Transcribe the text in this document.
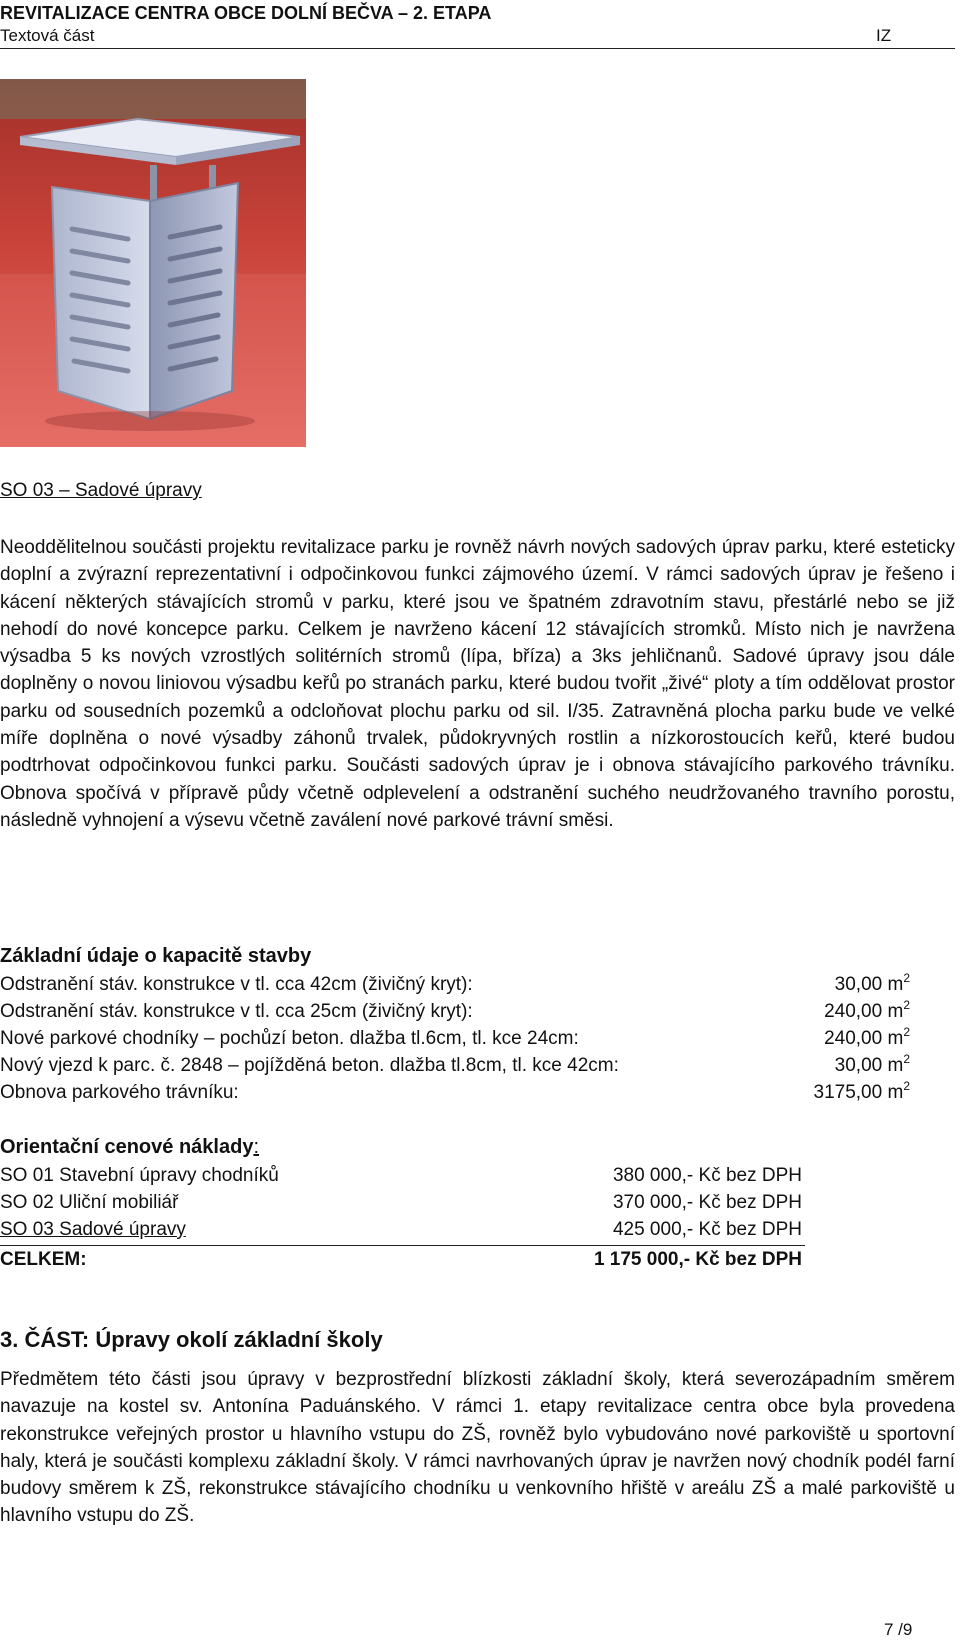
REVITALIZACE CENTRA OBCE DOLNÍ BEČVA – 2. ETAPA
Textová část	IZ
SO 03 – Sadové úpravy

Neoddělitelnou součásti projektu revitalizace parku je rovněž návrh nových sadových úprav parku, které esteticky doplní a zvýrazní reprezentativní i odpočinkovou funkci zájmového území. V rámci sadových úprav je řešeno i kácení některých stávajících stromů v parku, které jsou ve špatném zdravotním stavu, přestárlé nebo se již nehodí do nové koncepce parku. Celkem je navrženo kácení 12 stávajících stromků. Místo nich je navržena výsadba 5 ks nových vzrostlých solitérních stromů (lípa, bříza) a 3ks jehličnanů. Sadové úpravy jsou dále doplněny o novou liniovou výsadbu keřů po stranách parku, které budou tvořit „živé“ ploty a tím oddělovat prostor parku od sousedních pozemků a odcloňovat plochu parku od sil. I/35. Zatravněná plocha parku bude ve velké míře doplněna o nové výsadby záhonů trvalek, půdokryvných rostlin a nízkorostoucích keřů, které budou podtrhovat odpočinkovou funkci parku. Součásti sadových úprav je i obnova stávajícího parkového trávníku. Obnova spočívá v přípravě půdy včetně odplevelení a odstranění suchého neudržovaného travního porostu, následně vyhnojení a výsevu včetně zaválení nové parkové trávní směsi.

Základní údaje o kapacitě stavby
Odstranění stáv. konstrukce v tl. cca 42cm (živičný kryt):	30,00 $m^2$
Odstranění stáv. konstrukce v tl. cca 25cm (živičný kryt):	240,00 $m^2$
Nové parkové chodníky – pochůzí beton. dlažba tl.6cm, tl. kce 24cm:	240,00 $m^2$
Nový vjezd k parc. č. 2848 – pojížděná beton. dlažba tl.8cm, tl. kce 42cm:	30,00 $m^2$
Obnova parkového trávníku:	3175,00 $m^2$
Orientační cenové náklady:
SO 01 Stavební úpravy chodníků	380 000,- Kč bez DPH
SO 02 Uliční mobiliář	370 000,- Kč bez DPH
SO 03 Sadové úpravy	425 000,- Kč bez DPH
CELKEM:	1 175 000,- Kč bez DPH
3. ČÁST: Úpravy okolí základní školy

Předmětem této části jsou úpravy v bezprostřední blízkosti základní školy, která severozápadním směrem navazuje na kostel sv. Antonína Paduánského. V rámci 1. etapy revitalizace centra obce byla provedena rekonstrukce veřejných prostor u hlavního vstupu do ZŠ, rovněž bylo vybudováno nové parkoviště u sportovní haly, která je součásti komplexu základní školy. V rámci navrhovaných úprav je navržen nový chodník podél farní budovy směrem k ZŠ, rekonstrukce stávajícího chodníku u venkovního hřiště v areálu ZŠ a malé parkoviště u hlavního vstupu do ZŠ.

7 /9
